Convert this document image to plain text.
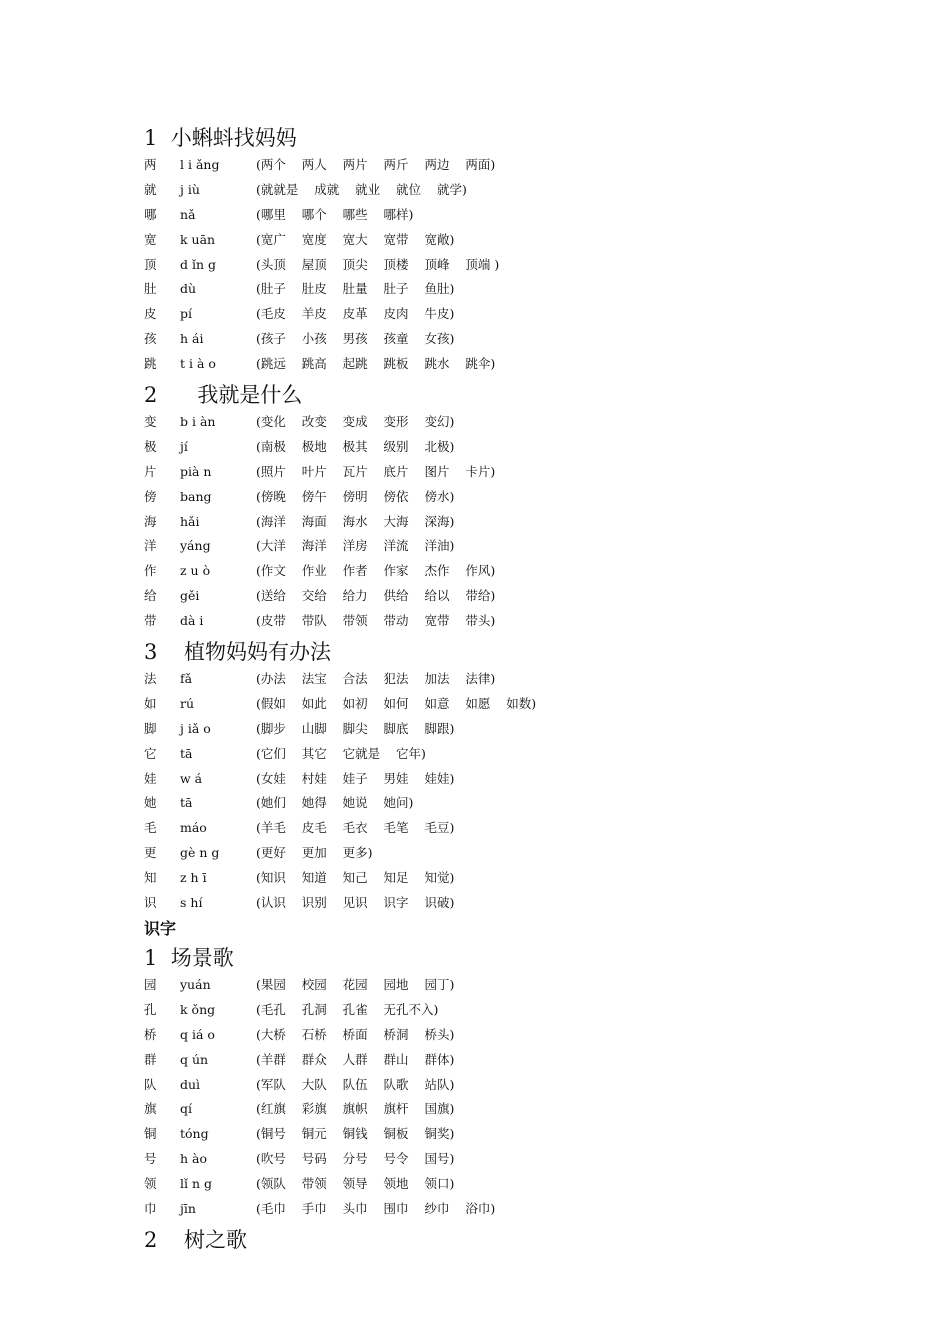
1  小蝌蚪找妈妈
两 l i ǎng	(两个    两人    两片    两斤    两边    两面)
就 j iù	(就就是    成就    就业    就位    就学)
哪 nǎ	(哪里    哪个    哪些    哪样)
宽 k uān	(宽广    宽度    宽大    宽带    宽敞)
顶 d ǐn g	(头顶    屋顶    顶尖    顶楼    顶峰    顶端 )
肚 dù	(肚子    肚皮    肚量    肚子    鱼肚)
皮 pí	(毛皮    羊皮    皮革    皮肉    牛皮)
孩 h ái	(孩子    小孩    男孩    孩童    女孩)
跳 t i à o	(跳远    跳高    起跳    跳板    跳水    跳伞)
2      我就是什么
变 b i àn	(变化    改变    变成    变形    变幻)
极 jí	(南极    极地    极其    级别    北极)
片 pià n	(照片    叶片    瓦片    底片    图片    卡片)
傍 bang	(傍晚    傍午    傍明    傍依    傍水)
海 hǎi	(海洋    海面    海水    大海    深海)
洋 yáng	(大洋    海洋    洋房    洋流    洋油)
作 z u ò	(作文    作业    作者    作家    杰作    作风)
给 gěi	(送给    交给    给力    供给    给以    带给)
带 dà i	(皮带    带队    带领    带动    宽带    带头)
3    植物妈妈有办法
法 fǎ	(办法    法宝    合法    犯法    加法    法律)
如 rú	(假如    如此    如初    如何    如意    如愿    如数)
脚 j iǎ o	(脚步    山脚    脚尖    脚底    脚跟)
它 tā	(它们    其它    它就是    它年)
娃 w á	(女娃    村娃    娃子    男娃    娃娃)
她 tā	(她们    她得    她说    她问)
毛 máo	(羊毛    皮毛    毛衣    毛笔    毛豆)
更 gè n g	(更好    更加    更多)
知 z h ī	(知识    知道    知己    知足    知觉)
识 s hí	(认识    识别    见识    识字    识破)
识字
1  场景歌
园 yuán	(果园    校园    花园    园地    园丁)
孔 k ǒng	(毛孔    孔洞    孔雀    无孔不入)
桥 q iá o	(大桥    石桥    桥面    桥洞    桥头)
群 q ún	(羊群    群众    人群    群山    群体)
队 duì	(军队    大队    队伍    队歌    站队)
旗 qí	(红旗    彩旗    旗帜    旗杆    国旗)
铜 tóng	(铜号    铜元    铜钱    铜板    铜奖)
号 h ào	(吹号    号码    分号    号令    国号)
领 lǐ n g	(领队    带领    领导    领地    领口)
巾 jīn	(毛巾    手巾    头巾    围巾    纱巾    浴巾)
2    树之歌
